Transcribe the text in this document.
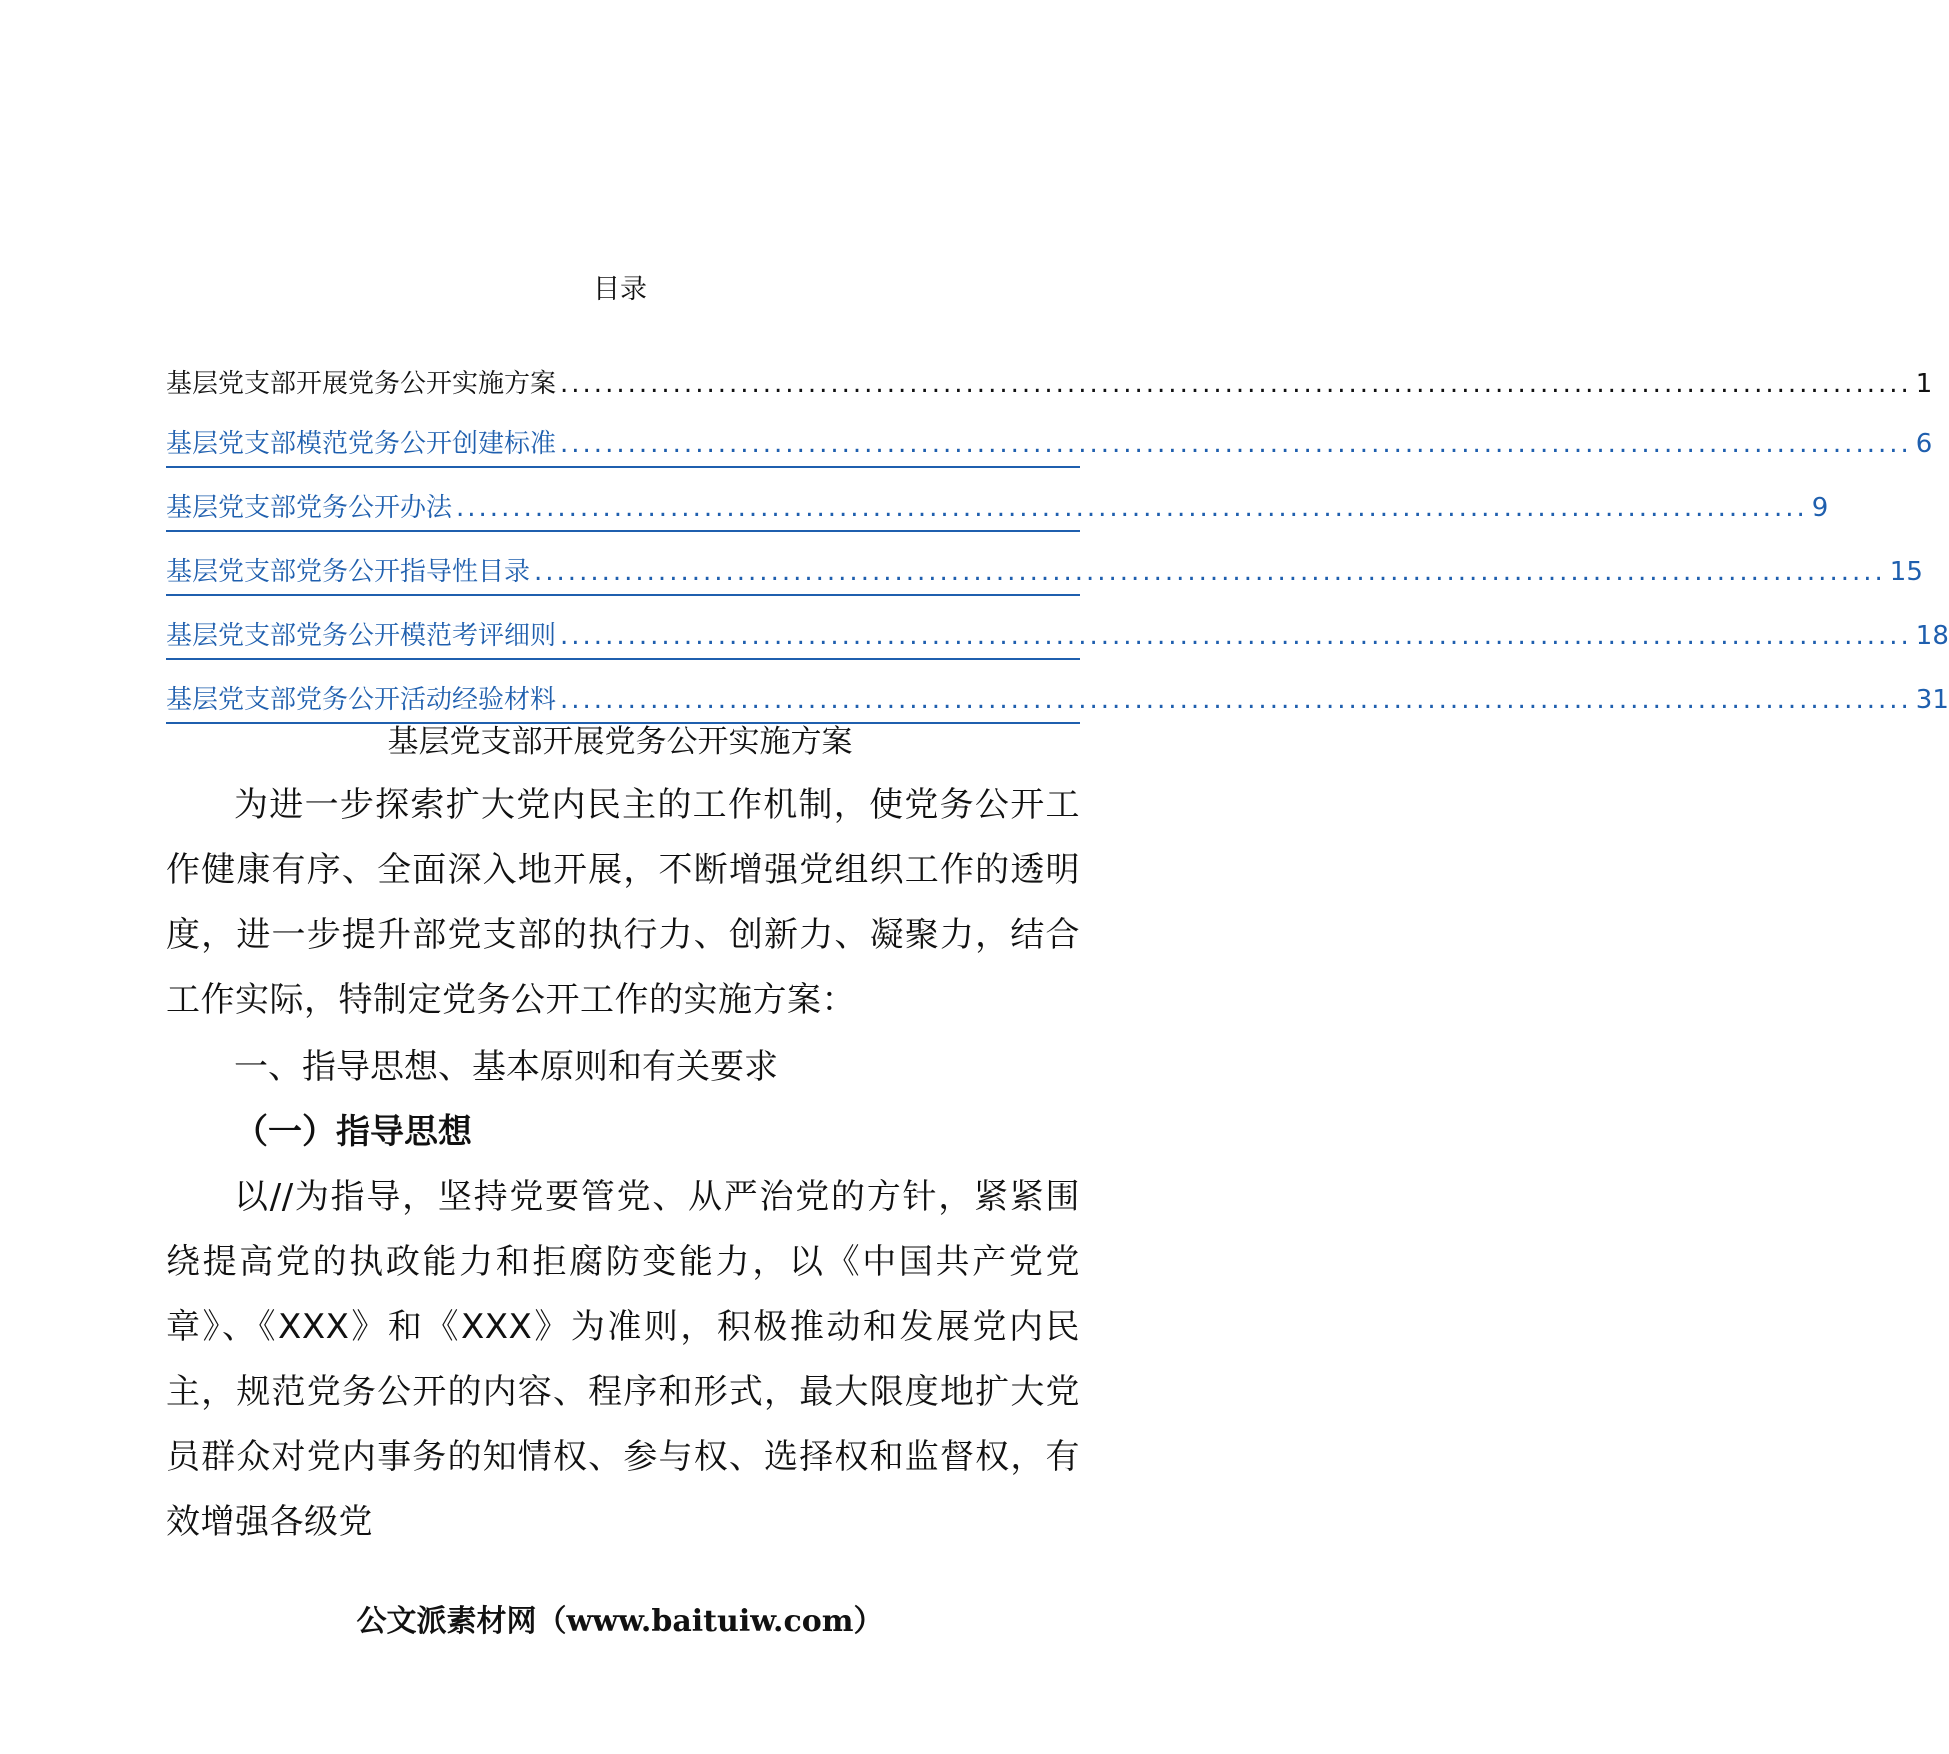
目录
基层党支部开展党务公开实施方案 ........................................................................................................................ 1
基层党支部模范党务公开创建标准 ........................................................................................................................ 6
基层党支部党务公开办法 ........................................................................................................................ 9
基层党支部党务公开指导性目录 ........................................................................................................................ 15
基层党支部党务公开模范考评细则 ........................................................................................................................ 18
基层党支部党务公开活动经验材料 ........................................................................................................................ 31
基层党支部开展党务公开实施方案
为进一步探索扩大党内民主的工作机制，使党务公开工作健康有序、全面深入地开展，不断增强党组织工作的透明度，进一步提升部党支部的执行力、创新力、凝聚力，结合工作实际，特制定党务公开工作的实施方案：
一、指导思想、基本原则和有关要求
（一）指导思想
以//为指导，坚持党要管党、从严治党的方针，紧紧围绕提高党的执政能力和拒腐防变能力，以《中国共产党党章》、《XXX》和《XXX》为准则，积极推动和发展党内民主，规范党务公开的内容、程序和形式，最大限度地扩大党员群众对党内事务的知情权、参与权、选择权和监督权，有效增强各级党
公文派素材网（www.baituiw.com）
